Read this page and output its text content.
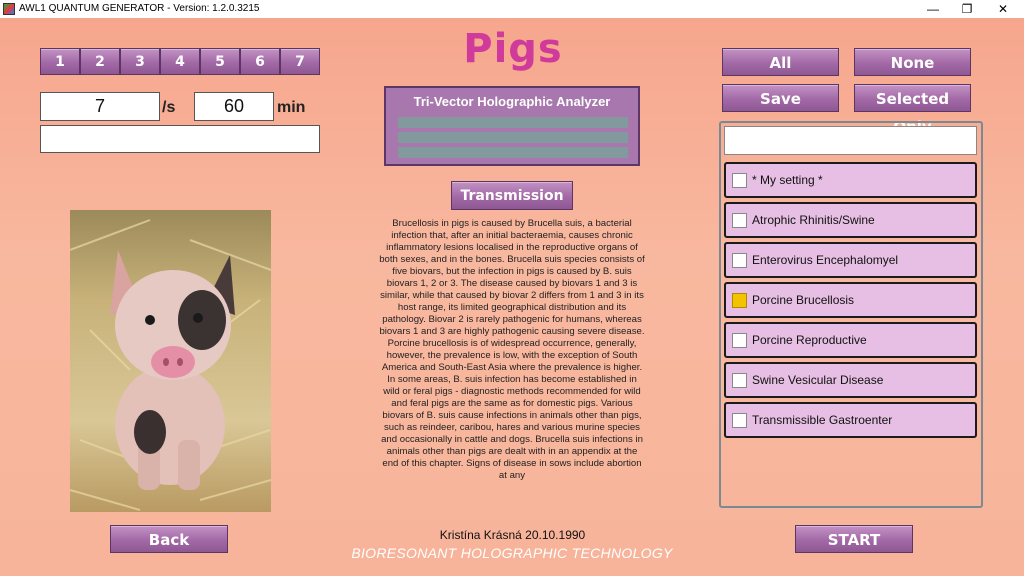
AWL1 QUANTUM GENERATOR - Version: 1.2.0.3215	—	❐	✕
Pigs
1	2	3	4	5	6	7
7	/s	60	min	Tri-Vector Holographic Analyzer
Transmission
Brucellosis in pigs is caused by Brucella suis, a bacterial infection that, after an initial bacteraemia, causes chronic inflammatory lesions localised in the reproductive organs of both sexes, and in the bones. Brucella suis species consists of five biovars, but the infection in pigs is caused by B. suis biovars 1, 2 or 3. The disease caused by biovars 1 and 3 is similar, while that caused by biovar 2 differs from 1 and 3 in its host range, its limited geographical distribution and its pathology. Biovar 2 is rarely pathogenic for humans, whereas biovars 1 and 3 are highly pathogenic causing severe disease. Porcine brucellosis is of widespread occurrence, generally, however, the prevalence is low, with the exception of South America and South-East Asia where the prevalence is higher. In some areas, B. suis infection has become established in wild or feral pigs - diagnostic methods recommended for wild and feral pigs are the same as for domestic pigs. Various biovars of B. suis cause infections in animals other than pigs, such as reindeer, caribou, hares and various murine species and occasionally in cattle and dogs. Brucella suis infections in animals other than pigs are dealt with in an appendix at the end of this chapter. Signs of disease in sows include abortion at any
All	None
Save	Selected
* My setting *
Atrophic Rhinitis/Swine
Enterovirus Encephalomyel
Porcine Brucellosis
Porcine Reproductive
Swine Vesicular Disease
Transmissible Gastroenter
Back	START
Kristína Krásná 20.10.1990
BIORESONANT HOLOGRAPHIC TECHNOLOGY
